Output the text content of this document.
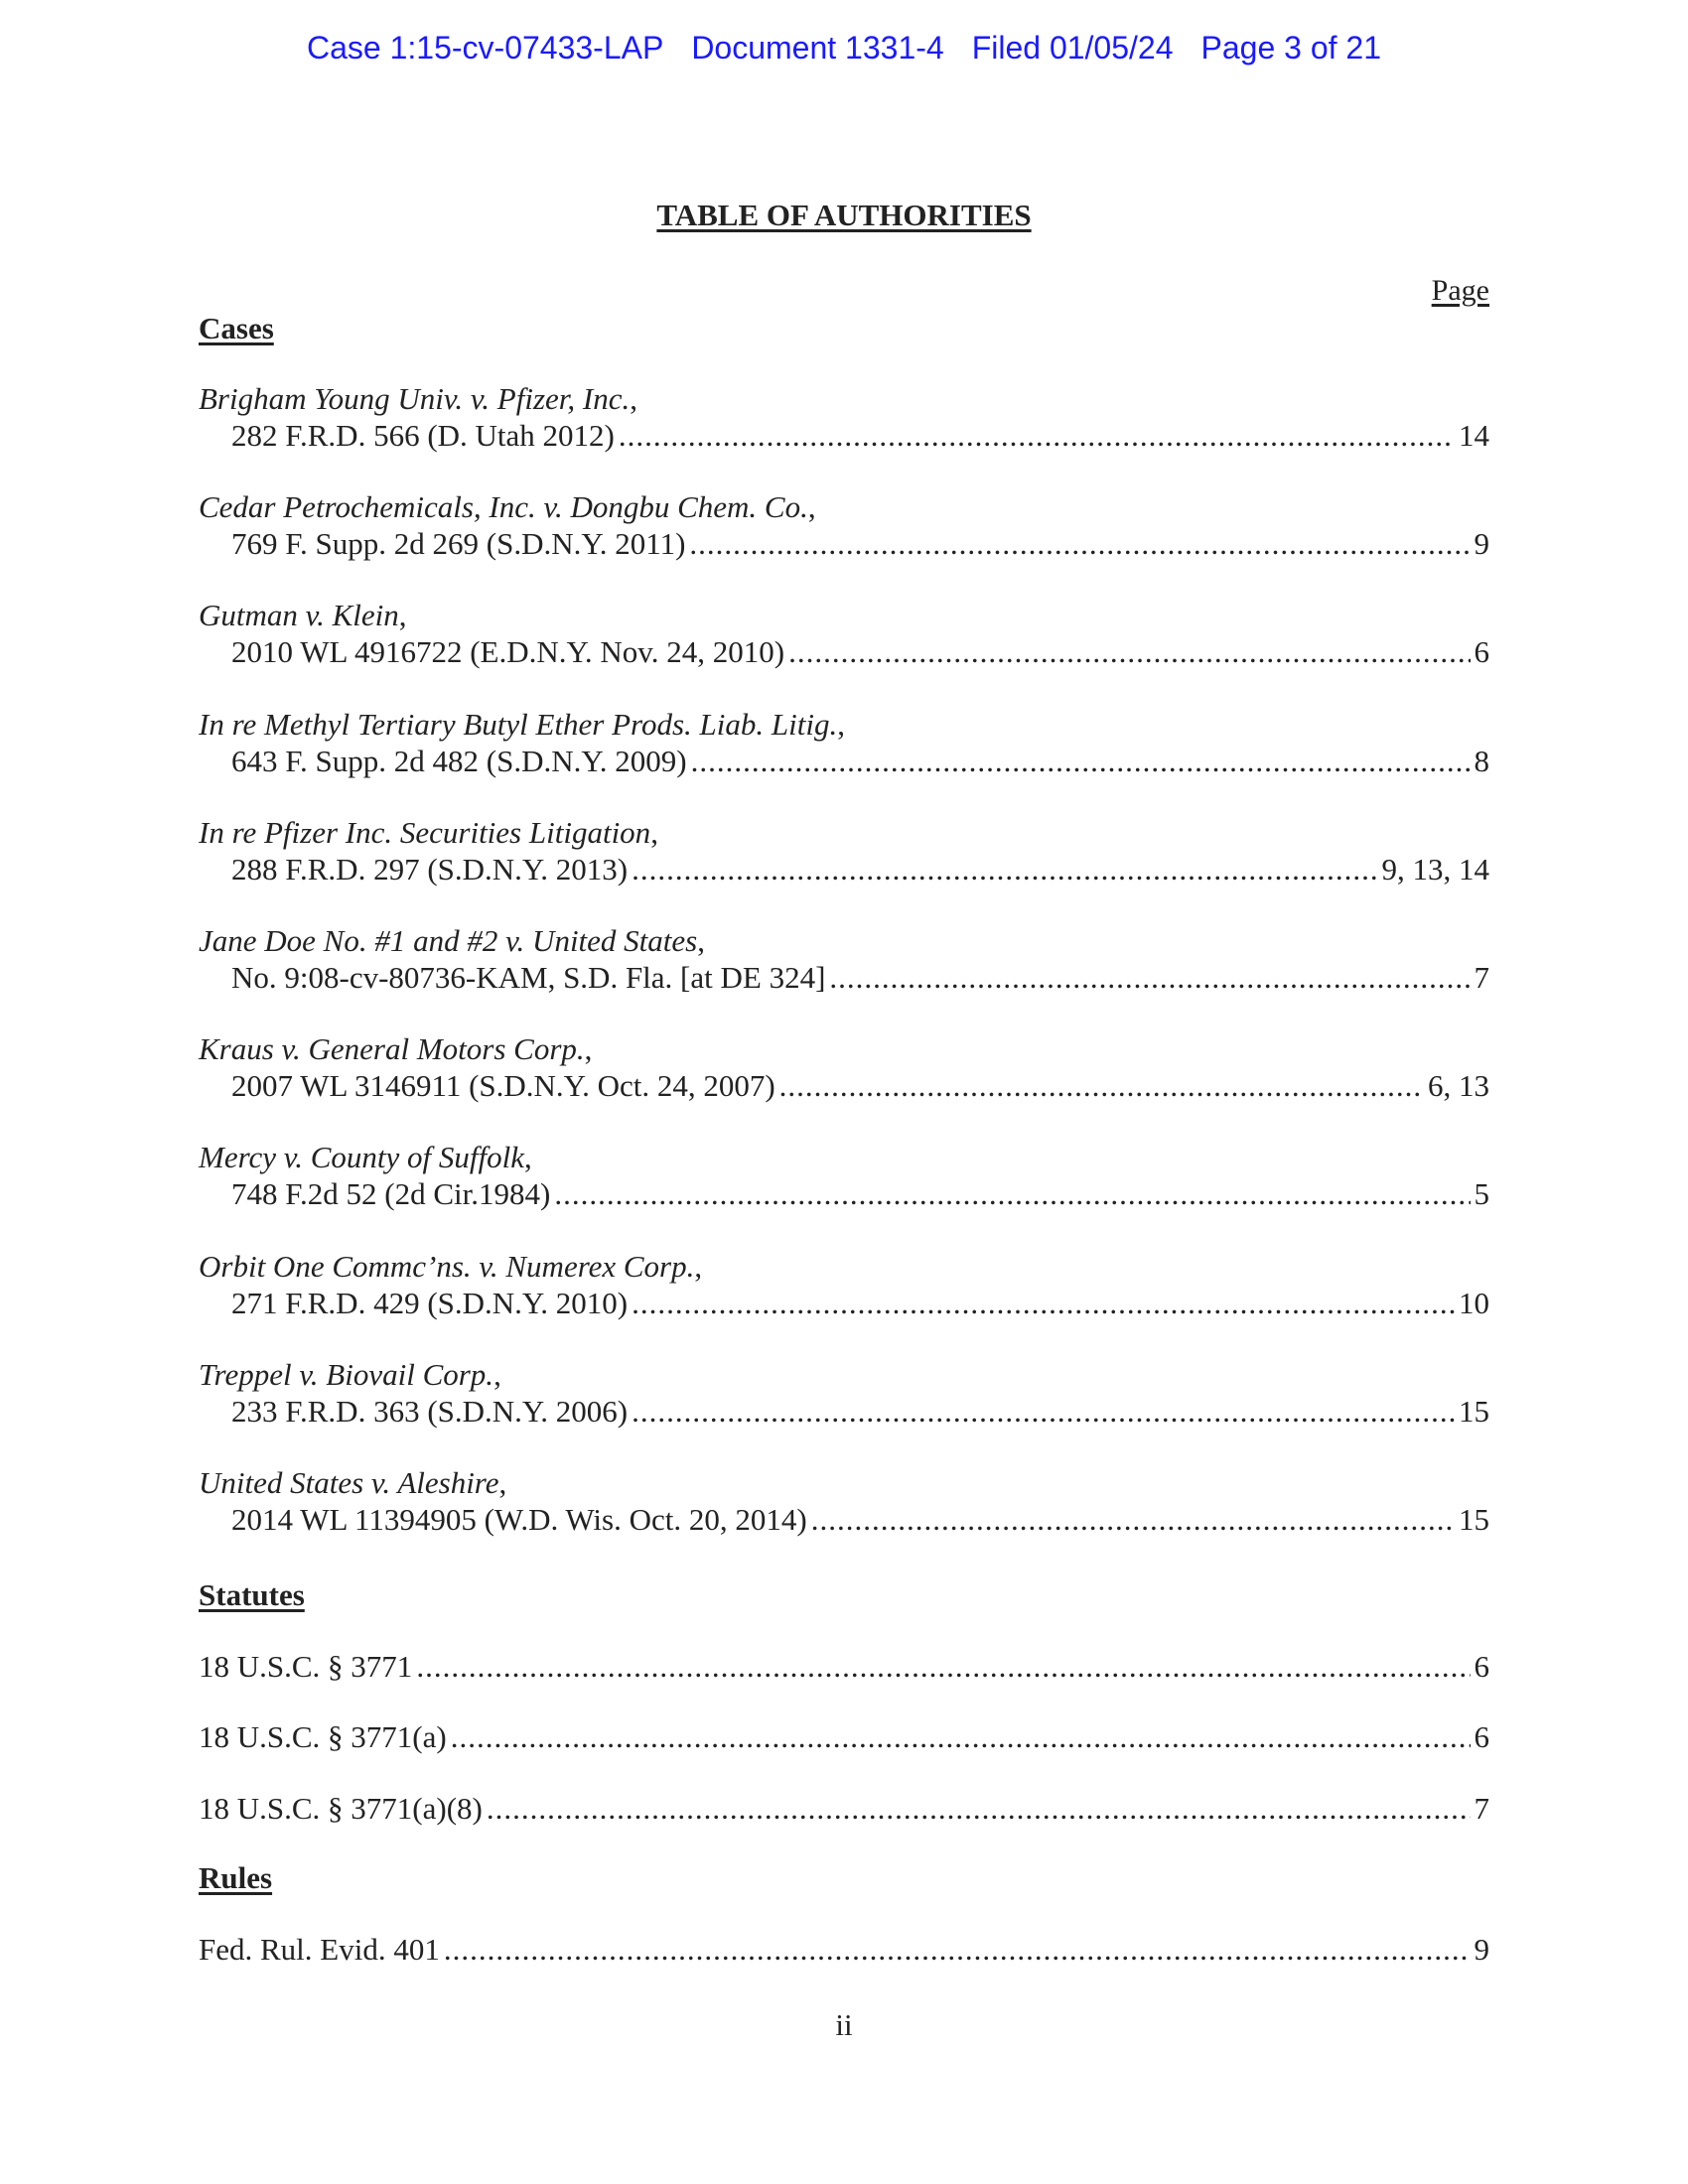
Case 1:15-cv-07433-LAP Document 1331-4 Filed 01/05/24 Page 3 of 21
TABLE OF AUTHORITIES
Page
Cases
Brigham Young Univ. v. Pfizer, Inc.,
282 F.R.D. 566 (D. Utah 2012) .....	14
Cedar Petrochemicals, Inc. v. Dongbu Chem. Co.,
769 F. Supp. 2d 269 (S.D.N.Y. 2011) .....	9
Gutman v. Klein,
2010 WL 4916722 (E.D.N.Y. Nov. 24, 2010) .....	6
In re Methyl Tertiary Butyl Ether Prods. Liab. Litig.,
643 F. Supp. 2d 482 (S.D.N.Y. 2009) .....	8
In re Pfizer Inc. Securities Litigation,
288 F.R.D. 297 (S.D.N.Y. 2013) .....	9, 13, 14
Jane Doe No. #1 and #2 v. United States,
No. 9:08-cv-80736-KAM, S.D. Fla. [at DE 324] .....	7
Kraus v. General Motors Corp.,
2007 WL 3146911 (S.D.N.Y. Oct. 24, 2007) .....	6, 13
Mercy v. County of Suffolk,
748 F.2d 52 (2d Cir.1984) .....	5
Orbit One Commc’ns. v. Numerex Corp.,
271 F.R.D. 429 (S.D.N.Y. 2010) .....	10
Treppel v. Biovail Corp.,
233 F.R.D. 363 (S.D.N.Y. 2006) .....	15
United States v. Aleshire,
2014 WL 11394905 (W.D. Wis. Oct. 20, 2014) .....	15
Statutes
18 U.S.C. § 3771 .....	6
18 U.S.C. § 3771(a) .....	6
18 U.S.C. § 3771(a)(8) .....	7
Rules
Fed. Rul. Evid. 401 .....	9
ii
